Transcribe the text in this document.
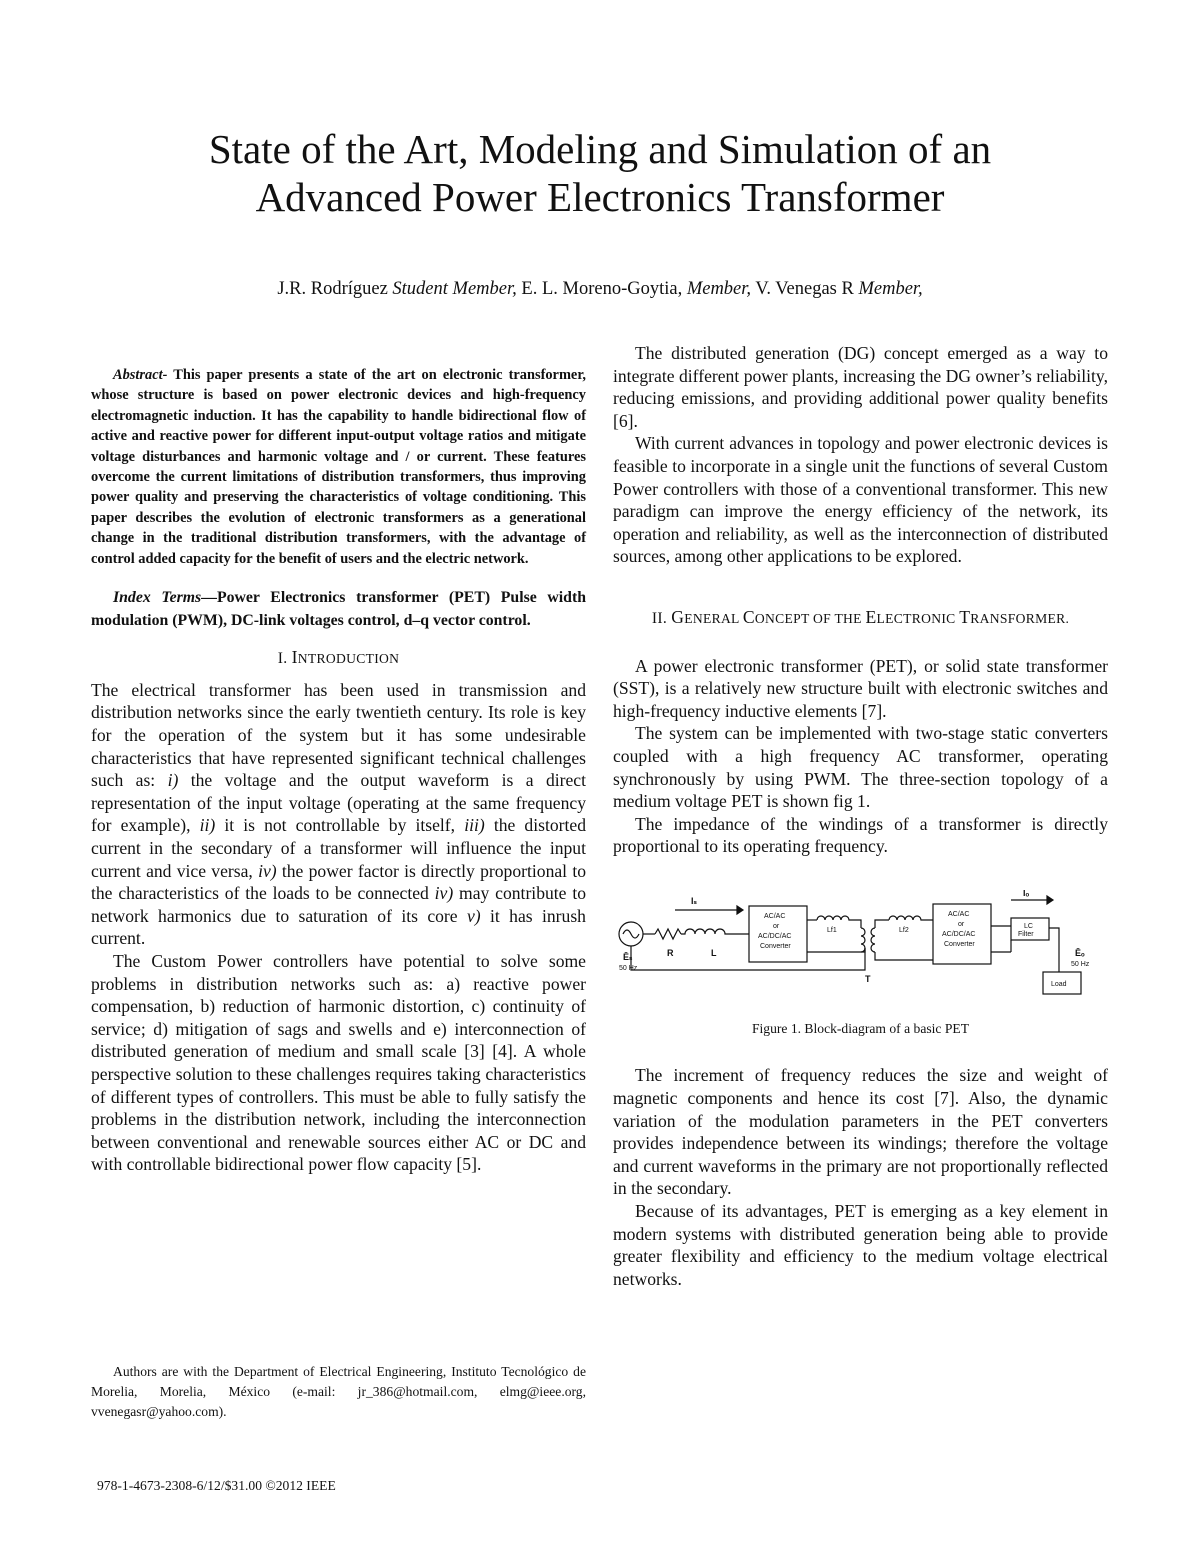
State of the Art, Modeling and Simulation of an
Advanced Power Electronics Transformer
J.R. Rodríguez Student Member, E. L. Moreno-Goytia, Member, V. Venegas R Member,

Abstract- This paper presents a state of the art on electronic transformer, whose structure is based on power electronic devices and high-frequency electromagnetic induction. It has the capability to handle bidirectional flow of active and reactive power for different input-output voltage ratios and mitigate voltage disturbances and harmonic voltage and / or current. These features overcome the current limitations of distribution transformers, thus improving power quality and preserving the characteristics of voltage conditioning. This paper describes the evolution of electronic transformers as a generational change in the traditional distribution transformers, with the advantage of control added capacity for the benefit of users and the electric network.

Index Terms—Power Electronics transformer (PET) Pulse width modulation (PWM), DC-link voltages control, d–q vector control.

I. INTRODUCTION

The electrical transformer has been used in transmission and distribution networks since the early twentieth century. Its role is key for the operation of the system but it has some undesirable characteristics that have represented significant technical challenges such as: i) the voltage and the output waveform is a direct representation of the input voltage (operating at the same frequency for example), ii) it is not controllable by itself, iii) the distorted current in the secondary of a transformer will influence the input current and vice versa, iv) the power factor is directly proportional to the characteristics of the loads to be connected iv) may contribute to network harmonics due to saturation of its core v) it has inrush current.

The Custom Power controllers have potential to solve some problems in distribution networks such as: a) reactive power compensation, b) reduction of harmonic distortion, c) continuity of service; d) mitigation of sags and swells and e) interconnection of distributed generation of medium and small scale [3] [4]. A whole perspective solution to these challenges requires taking characteristics of different types of controllers. This must be able to fully satisfy the problems in the distribution network, including the interconnection between conventional and renewable sources either AC or DC and with controllable bidirectional power flow capacity [5].

The distributed generation (DG) concept emerged as a way to integrate different power plants, increasing the DG owner’s reliability, reducing emissions, and providing additional power quality benefits [6].

With current advances in topology and power electronic devices is feasible to incorporate in a single unit the functions of several Custom Power controllers with those of a conventional transformer. This new paradigm can improve the energy efficiency of the network, its operation and reliability, as well as the interconnection of distributed sources, among other applications to be explored.

II. GENERAL CONCEPT OF THE ELECTRONIC TRANSFORMER.

A power electronic transformer (PET), or solid state transformer (SST), is a relatively new structure built with electronic switches and high-frequency inductive elements [7].

The system can be implemented with two-stage static converters coupled with a high frequency AC transformer, operating synchronously by using PWM. The three-section topology of a medium voltage PET is shown fig 1.

The impedance of the windings of a transformer is directly proportional to its operating frequency.

Iₛ
Iₒ
AC/AC
or
AC/DC/AC
Converter
AC/AC
or
AC/DC/AC
Converter
Lf1	Lf2
R	L
T
LC
Filter
Load
Ēₛ
50 Hz
Ēₒ
50 Hz
Figure 1. Block-diagram of a basic PET

The increment of frequency reduces the size and weight of magnetic components and hence its cost [7]. Also, the dynamic variation of the modulation parameters in the PET converters provides independence between its windings; therefore the voltage and current waveforms in the primary are not proportionally reflected in the secondary.

Because of its advantages, PET is emerging as a key element in modern systems with distributed generation being able to provide greater flexibility and efficiency to the medium voltage electrical networks.

Authors are with the Department of Electrical Engineering, Instituto Tecnológico de Morelia, Morelia, México (e-mail: jr_386@hotmail.com, elmg@ieee.org, vvenegasr@yahoo.com).
978-1-4673-2308-6/12/$31.00 ©2012 IEEE
